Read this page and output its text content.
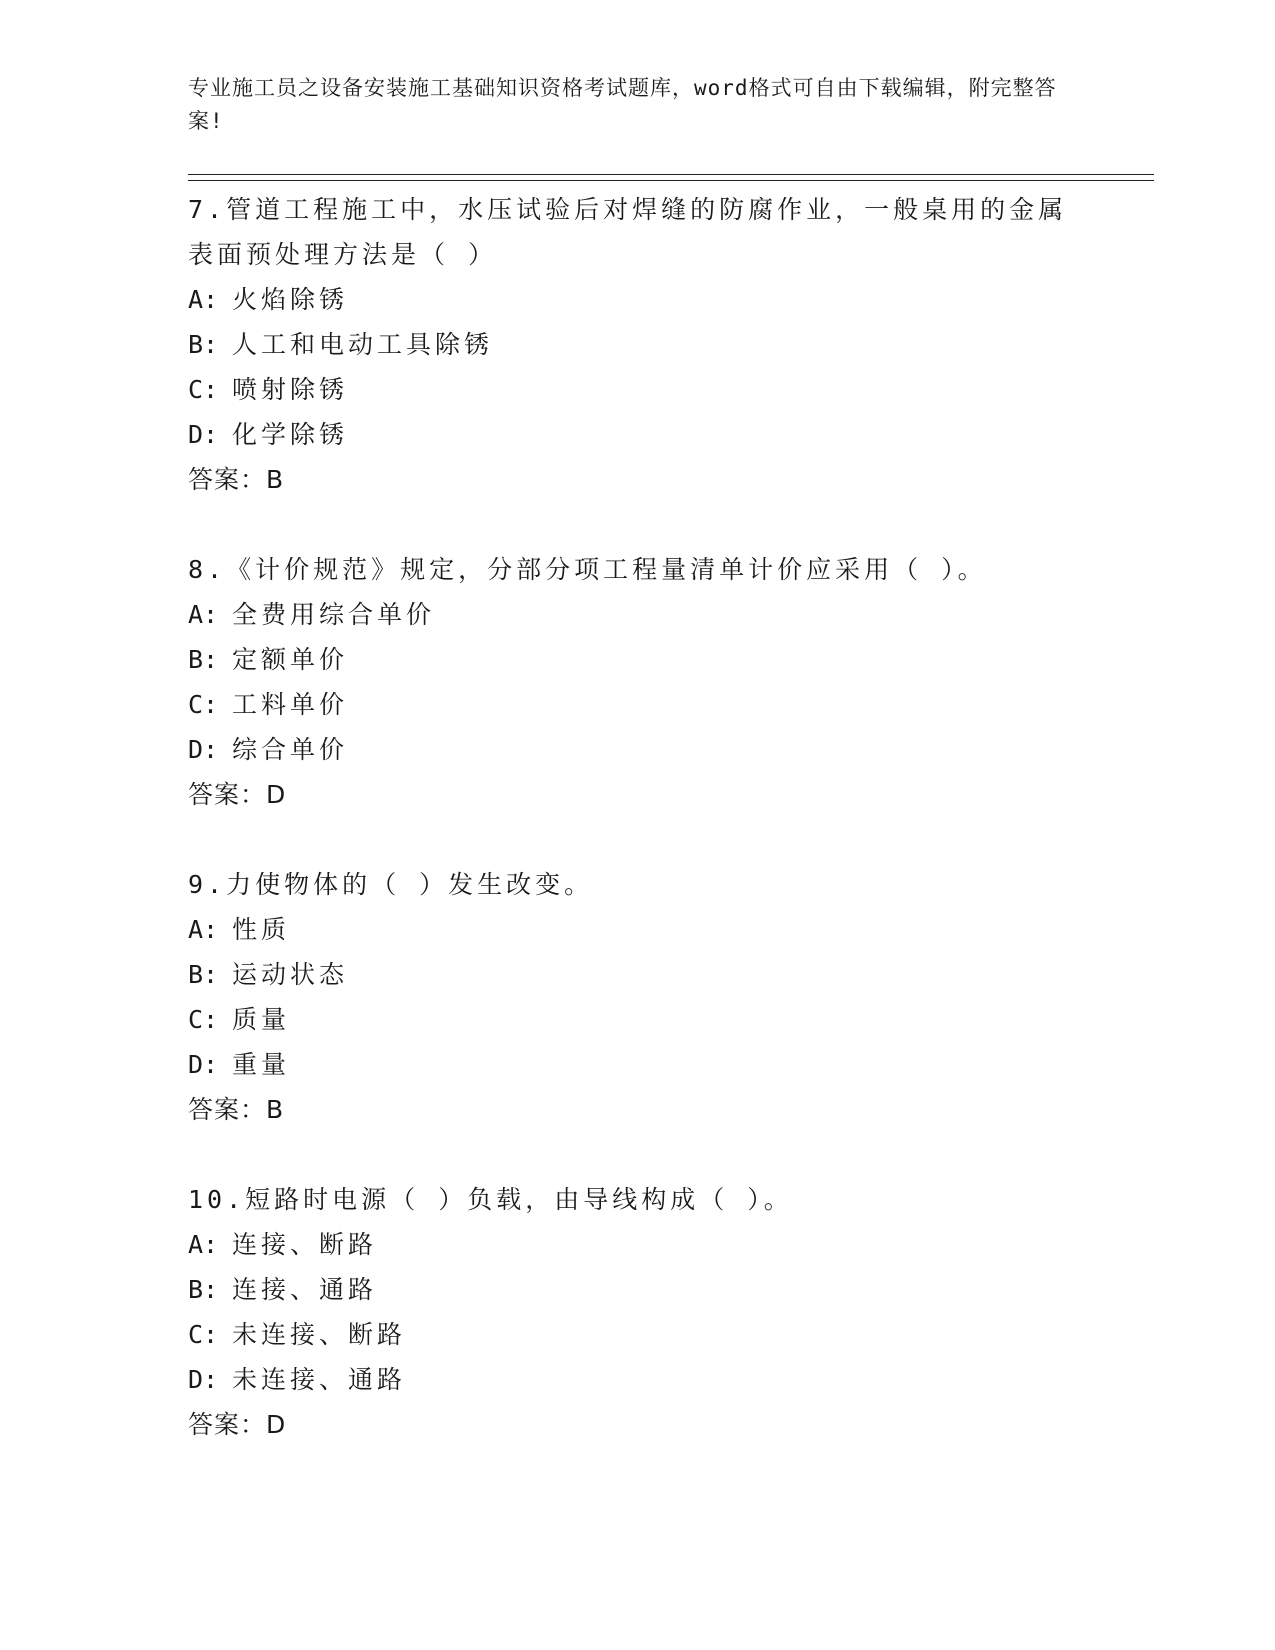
专业施工员之设备安装施工基础知识资格考试题库，word格式可自由下载编辑，附完整答案!

7.管道工程施工中，水压试验后对焊缝的防腐作业，一般桌用的金属表面预处理方法是（ ）

A: 火焰除锈
B: 人工和电动工具除锈
C: 喷射除锈
D: 化学除锈
答案：B

8.《计价规范》规定，分部分项工程量清单计价应采用（ ）。

A: 全费用综合单价
B: 定额单价
C: 工料单价
D: 综合单价
答案：D

9.力使物体的（ ）发生改变。

A: 性质
B: 运动状态
C: 质量
D: 重量
答案：B

10.短路时电源（ ）负载，由导线构成（ ）。

A: 连接、断路
B: 连接、通路
C: 未连接、断路
D: 未连接、通路
答案：D
